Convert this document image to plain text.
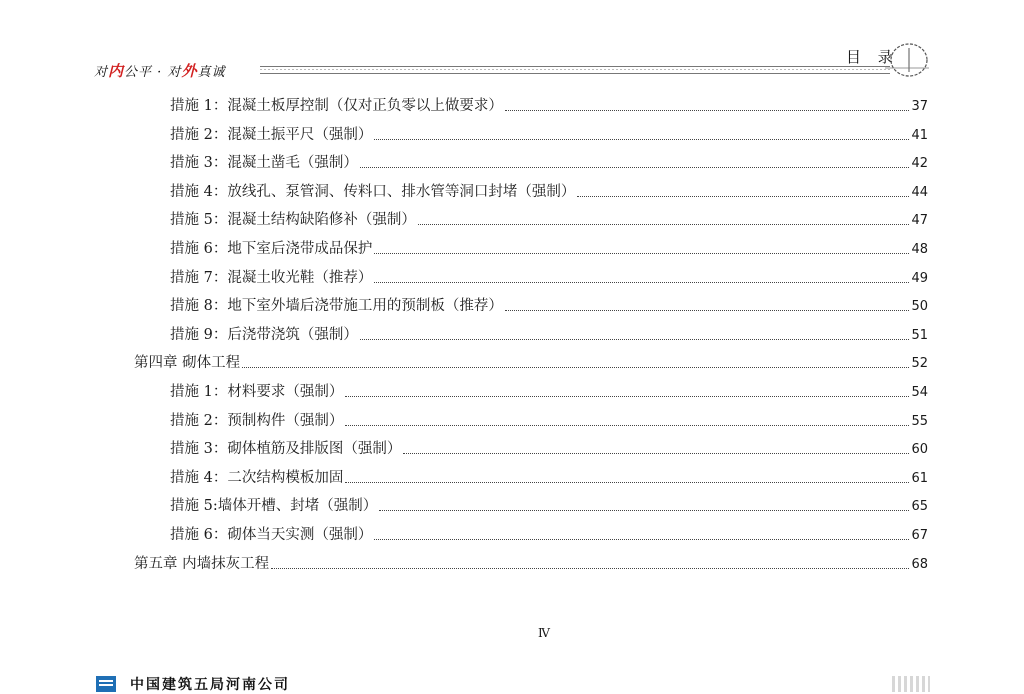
对内公平 · 对外真诚
目 录
措施 1：混凝土板厚控制（仅对正负零以上做要求）	37
措施 2：混凝土振平尺（强制）	41
措施 3：混凝土凿毛（强制）	42
措施 4：放线孔、泵管洞、传料口、排水管等洞口封堵（强制）	44
措施 5：混凝土结构缺陷修补（强制）	47
措施 6：地下室后浇带成品保护	48
措施 7：混凝土收光鞋（推荐）	49
措施 8：地下室外墙后浇带施工用的预制板（推荐）	50
措施 9：后浇带浇筑（强制）	51
第四章 砌体工程	52
措施 1：材料要求（强制）	54
措施 2：预制构件（强制）	55
措施 3：砌体植筋及排版图（强制）	60
措施 4：二次结构模板加固	61
措施 5:墙体开槽、封堵（强制）	65
措施 6：砌体当天实测（强制）	67
第五章 内墙抹灰工程	68
Ⅳ
中国建筑五局河南公司
